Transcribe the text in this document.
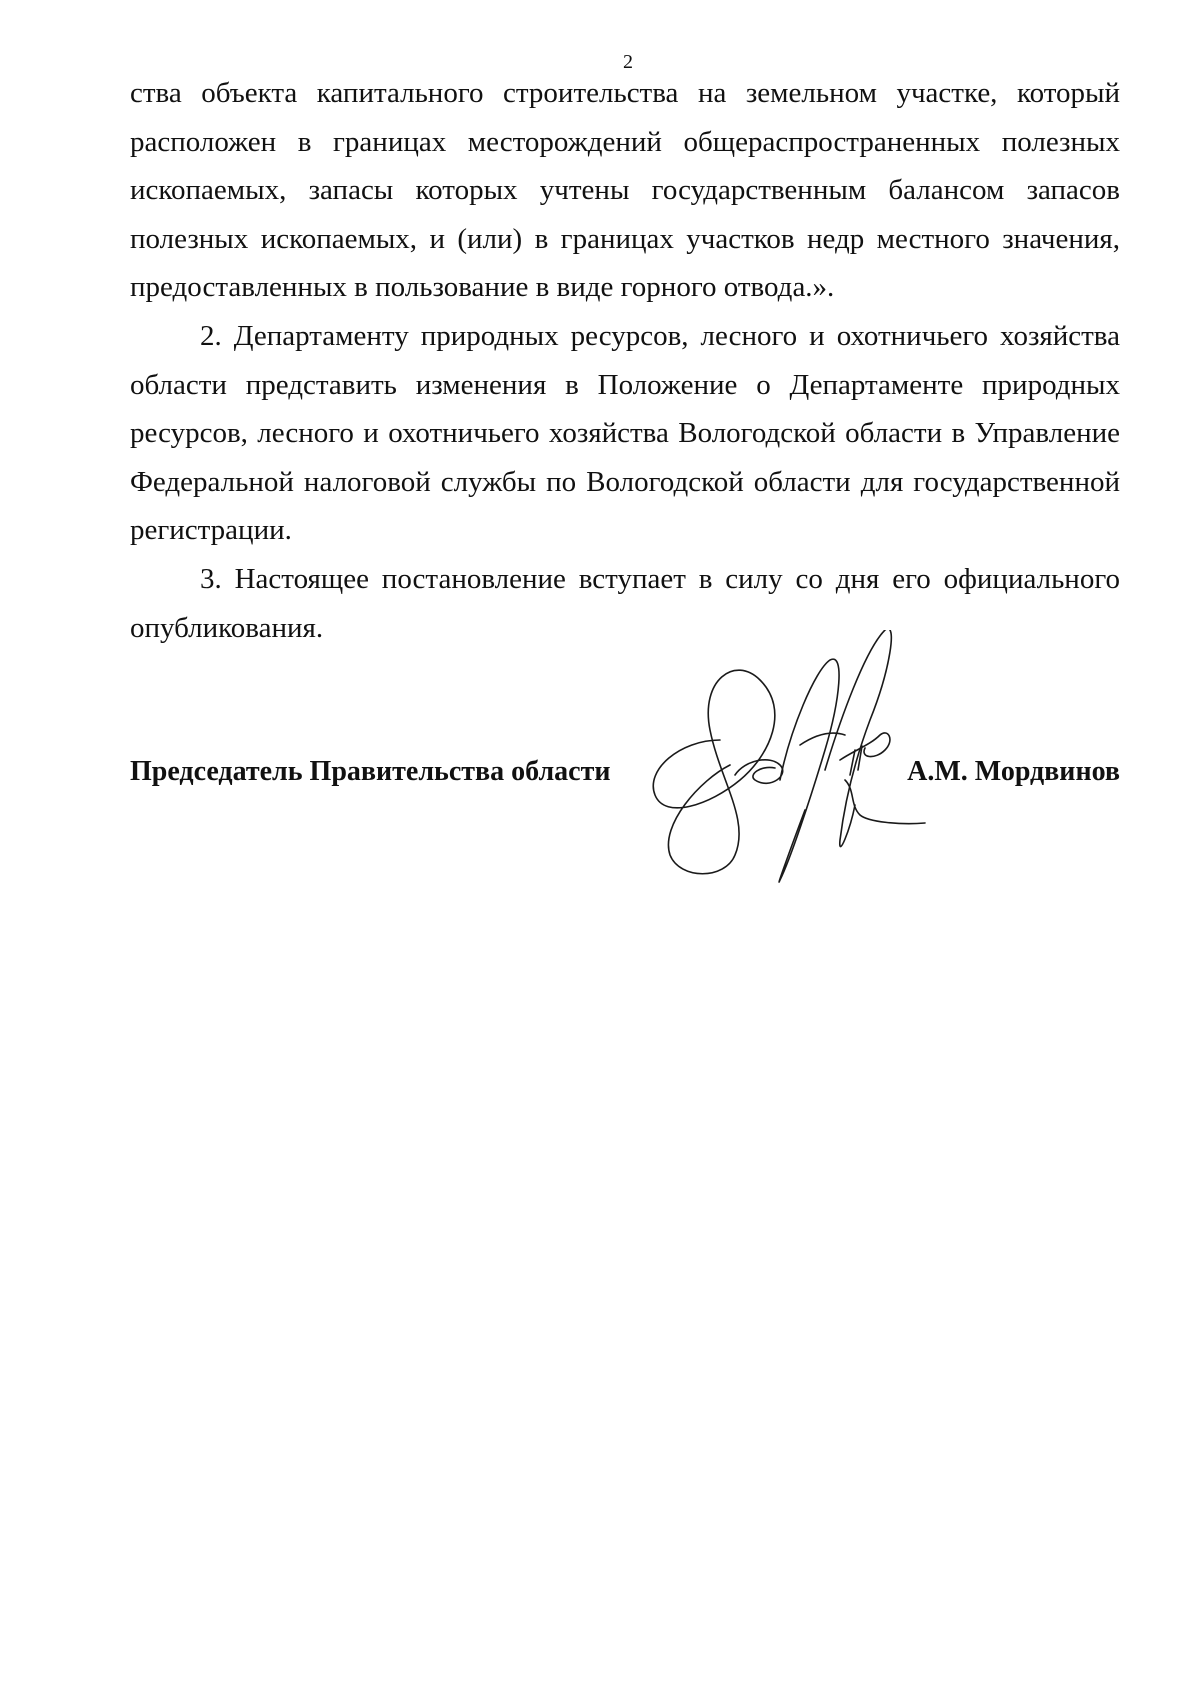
2

ства объекта капитального строительства на земельном участке, который расположен в границах месторождений общераспространенных полезных ископаемых, запасы которых учтены государственным балансом запасов полезных ископаемых, и (или) в границах участков недр местного значения, предоставленных в пользование в виде горного отвода.».

2. Департаменту природных ресурсов, лесного и охотничьего хозяйства области представить изменения в Положение о Департаменте природных ресурсов, лесного и охотничьего хозяйства Вологодской области в Управление Федеральной налоговой службы по Вологодской области для государственной регистрации.

3. Настоящее постановление вступает в силу со дня его официального опубликования.

Председатель Правительства области	А.М. Мордвинов
